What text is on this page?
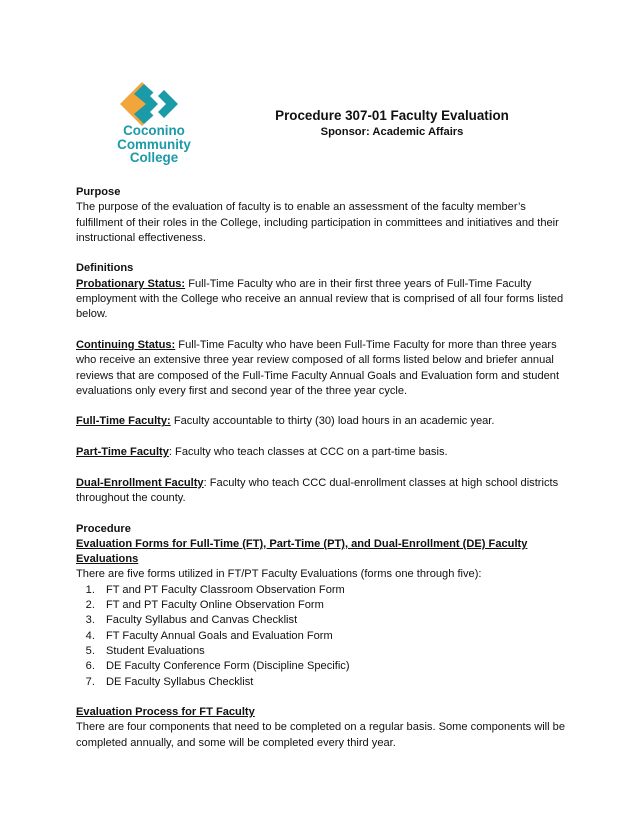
Coconino
Community
College
Procedure 307-01 Faculty Evaluation
Sponsor: Academic Affairs

Purpose

The purpose of the evaluation of faculty is to enable an assessment of the faculty member’s fulfillment of their roles in the College, including participation in committees and initiatives and their instructional effectiveness.

Definitions

Probationary Status: Full-Time Faculty who are in their first three years of Full-Time Faculty employment with the College who receive an annual review that is comprised of all four forms listed below.

Continuing Status: Full-Time Faculty who have been Full-Time Faculty for more than three years who receive an extensive three year review composed of all forms listed below and briefer annual reviews that are composed of the Full-Time Faculty Annual Goals and Evaluation form and student evaluations only every first and second year of the three year cycle.

Full-Time Faculty: Faculty accountable to thirty (30) load hours in an academic year.

Part-Time Faculty: Faculty who teach classes at CCC on a part-time basis.

Dual-Enrollment Faculty: Faculty who teach CCC dual-enrollment classes at high school districts throughout the county.

Procedure

Evaluation Forms for Full-Time (FT), Part-Time (PT), and Dual-Enrollment (DE) Faculty Evaluations

There are five forms utilized in FT/PT Faculty Evaluations (forms one through five):

1. FT and PT Faculty Classroom Observation Form
2. FT and PT Faculty Online Observation Form
3. Faculty Syllabus and Canvas Checklist
4. FT Faculty Annual Goals and Evaluation Form
5. Student Evaluations
6. DE Faculty Conference Form (Discipline Specific)
7. DE Faculty Syllabus Checklist

Evaluation Process for FT Faculty

There are four components that need to be completed on a regular basis. Some components will be completed annually, and some will be completed every third year.
